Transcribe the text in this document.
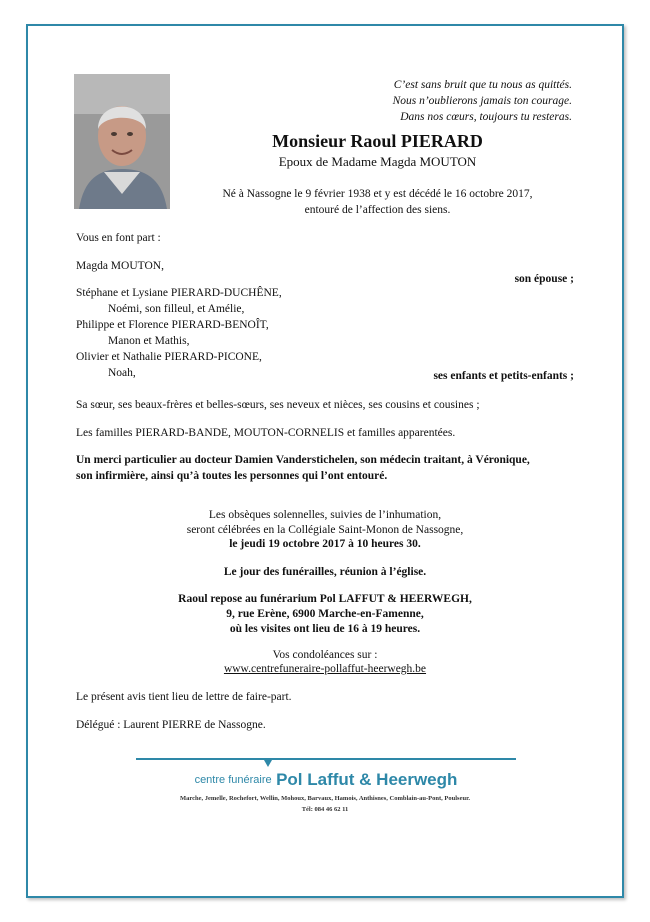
C’est sans bruit que tu nous as quittés.
Nous n’oublierons jamais ton courage.
Dans nos cœurs, toujours tu resteras.
Monsieur Raoul PIERARD
Epoux de Madame Magda MOUTON
Né à Nassogne le 9 février 1938 et y est décédé le 16 octobre 2017,
entouré de l’affection des siens.
Vous en font part :
Magda MOUTON,
son épouse ;
Stéphane et Lysiane PIERARD-DUCHÊNE,
Noémi, son filleul, et Amélie,
Philippe et Florence PIERARD-BENOÎT,
Manon et Mathis,
Olivier et Nathalie PIERARD-PICONE,
Noah,	ses enfants et petits-enfants ;
Sa sœur, ses beaux-frères et belles-sœurs, ses neveux et nièces, ses cousins et cousines ;
Les familles PIERARD-BANDE, MOUTON-CORNELIS et familles apparentées.
Un merci particulier au docteur Damien Vanderstichelen, son médecin traitant, à Véronique,
son infirmière, ainsi qu’à toutes les personnes qui l’ont entouré.
Les obsèques solennelles, suivies de l’inhumation,
seront célébrées en la Collégiale Saint-Monon de Nassogne,
le jeudi 19 octobre 2017 à 10 heures 30.
Le jour des funérailles, réunion à l’église.
Raoul repose au funérarium Pol LAFFUT & HEERWEGH,
9, rue Erène, 6900 Marche-en-Famenne,
où les visites ont lieu de 16 à 19 heures.
Vos condoléances sur :
www.centrefuneraire-pollaffut-heerwegh.be
Le présent avis tient lieu de lettre de faire-part.
Délégué : Laurent PIERRE de Nassogne.
centre funéraire Pol Laffut & Heerwegh
Marche, Jemelle, Rochefort, Wellin, Mohoux, Barvaux, Hamois, Anthisnes, Comblain-au-Pont, Poulseur.
Tél: 084 46 62 11
